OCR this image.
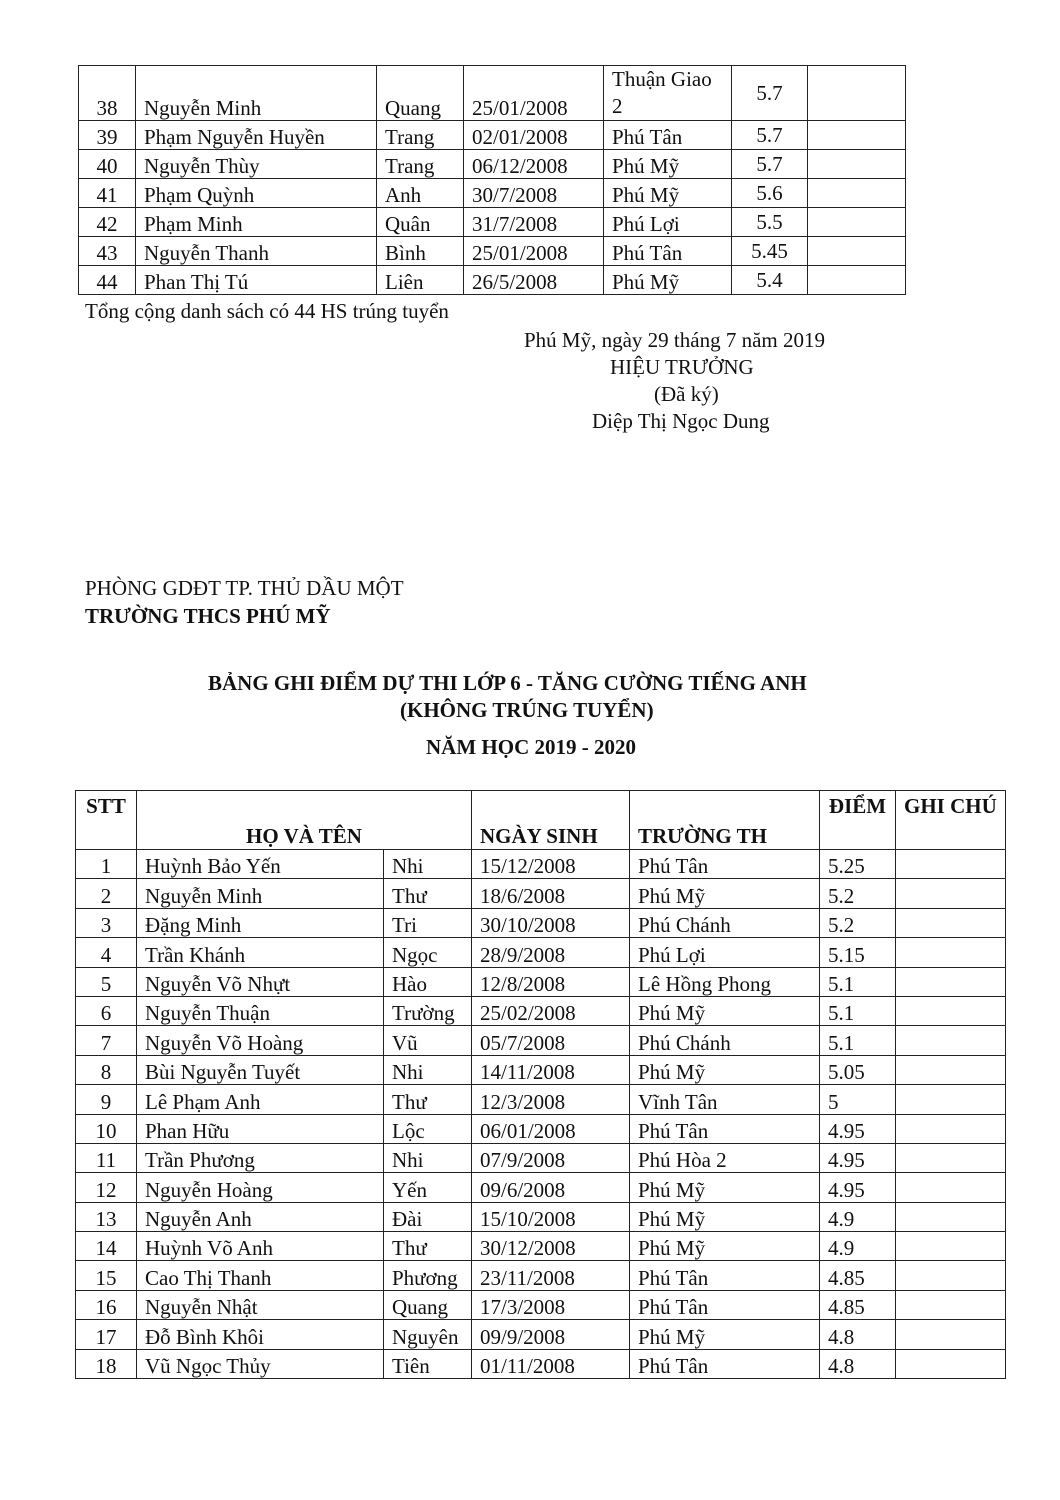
38	Nguyễn Minh	Quang	25/01/2008	Thuận Giao 2	5.7	
39	Phạm Nguyễn Huyền	Trang	02/01/2008	Phú Tân	5.7	
40	Nguyễn Thùy	Trang	06/12/2008	Phú Mỹ	5.7	
41	Phạm Quỳnh	Anh	30/7/2008	Phú Mỹ	5.6	
42	Phạm Minh	Quân	31/7/2008	Phú Lợi	5.5	
43	Nguyễn Thanh	Bình	25/01/2008	Phú Tân	5.45	
44	Phan Thị Tú	Liên	26/5/2008	Phú Mỹ	5.4	
Tổng cộng danh sách có 44 HS trúng tuyển
Phú Mỹ, ngày 29 tháng 7 năm 2019
HIỆU TRƯỞNG
(Đã ký)
Diệp Thị Ngọc Dung
PHÒNG GDĐT TP. THỦ DẦU MỘT
TRƯỜNG THCS PHÚ MỸ
BẢNG GHI ĐIỂM DỰ THI LỚP 6 - TĂNG CƯỜNG TIẾNG ANH
(KHÔNG TRÚNG TUYỂN)
NĂM HỌC 2019 - 2020
STT	HỌ VÀ TÊN		NGÀY SINH	TRƯỜNG TH	ĐIỂM	GHI CHÚ
1	Huỳnh Bảo Yến	Nhi	15/12/2008	Phú Tân	5.25	
2	Nguyễn Minh	Thư	18/6/2008	Phú Mỹ	5.2	
3	Đặng Minh	Tri	30/10/2008	Phú Chánh	5.2	
4	Trần Khánh	Ngọc	28/9/2008	Phú Lợi	5.15	
5	Nguyễn Võ Nhựt	Hào	12/8/2008	Lê Hồng Phong	5.1	
6	Nguyễn Thuận	Trường	25/02/2008	Phú Mỹ	5.1	
7	Nguyễn Võ Hoàng	Vũ	05/7/2008	Phú Chánh	5.1	
8	Bùi Nguyễn Tuyết	Nhi	14/11/2008	Phú Mỹ	5.05	
9	Lê Phạm Anh	Thư	12/3/2008	Vĩnh Tân	5	
10	Phan Hữu	Lộc	06/01/2008	Phú Tân	4.95	
11	Trần Phương	Nhi	07/9/2008	Phú Hòa 2	4.95	
12	Nguyễn Hoàng	Yến	09/6/2008	Phú Mỹ	4.95	
13	Nguyễn Anh	Đài	15/10/2008	Phú Mỹ	4.9	
14	Huỳnh Võ Anh	Thư	30/12/2008	Phú Mỹ	4.9	
15	Cao Thị Thanh	Phương	23/11/2008	Phú Tân	4.85	
16	Nguyễn Nhật	Quang	17/3/2008	Phú Tân	4.85	
17	Đỗ Bình Khôi	Nguyên	09/9/2008	Phú Mỹ	4.8	
18	Vũ Ngọc Thủy	Tiên	01/11/2008	Phú Tân	4.8	
